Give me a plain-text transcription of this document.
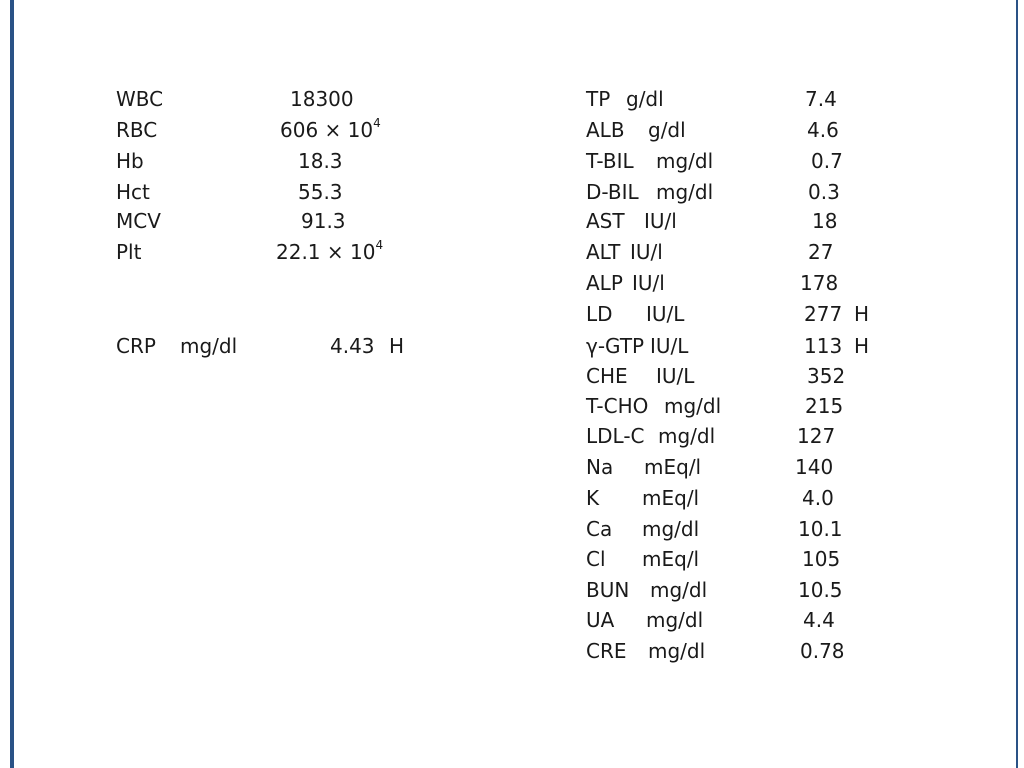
WBC	18300
RBC	$606 \times 10^4$
Hb	18.3
Hct	55.3
MCV	91.3
Plt	$22.1 \times 10^4$
CRP mg/dl	4.43 H
TP g/dl	7.4
ALB g/dl	4.6
T-BIL mg/dl	0.7
D-BIL mg/dl	0.3
AST IU/l	18
ALT IU/l	27
ALP IU/l	178
LD IU/L	277 H
γ-GTP IU/L	113 H
CHE IU/L	352
T-CHO mg/dl	215
LDL-C mg/dl	127
Na mEq/l	140
K mEq/l	4.0
Ca mg/dl	10.1
Cl mEq/l	105
BUN mg/dl	10.5
UA mg/dl	4.4
CRE mg/dl	0.78
